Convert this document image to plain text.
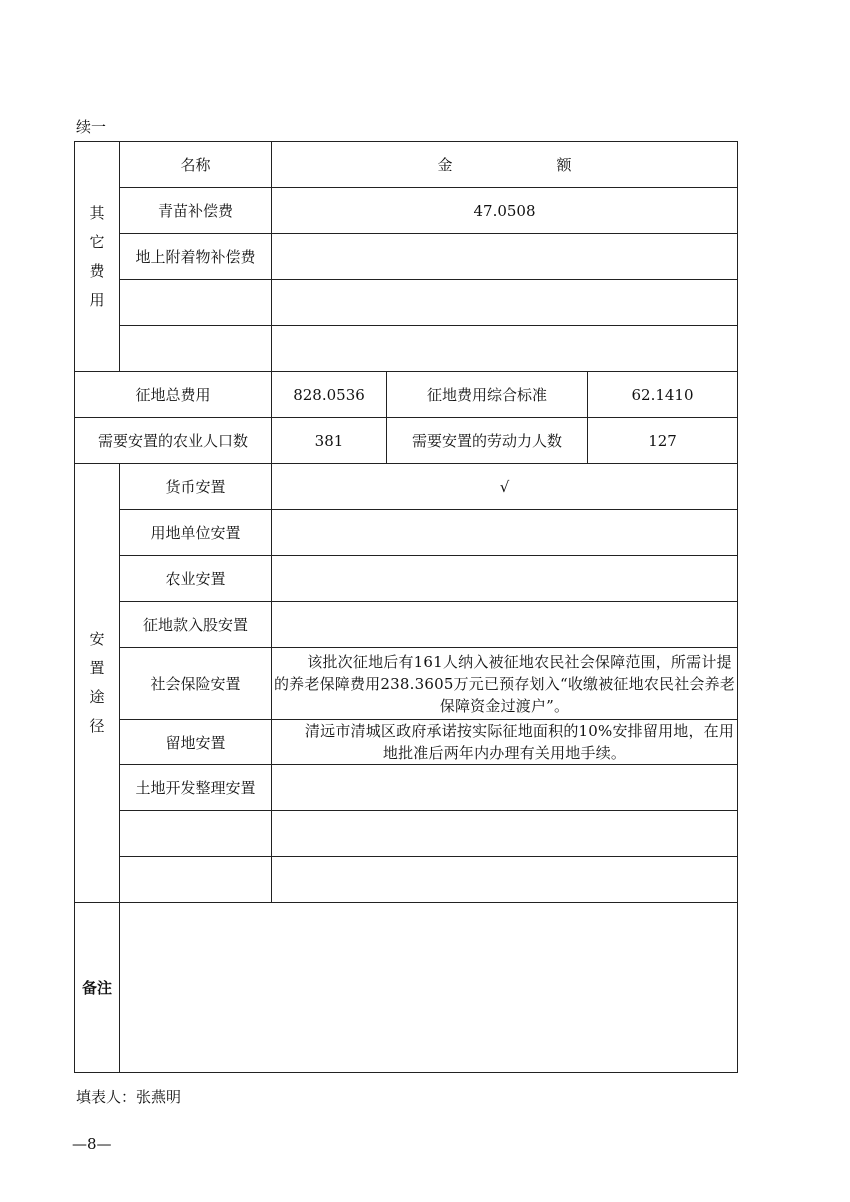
续一
其
它
费
用	名称	金 额		
	青苗补偿费	47.0508		
	地上附着物补偿费			

征地总费用		828.0536	征地费用综合标准	62.1410
需要安置的农业人口数		381	需要安置的劳动力人数	127

安
置
途
径	货币安置	√		
	用地单位安置			
	农业安置			
	征地款入股安置			
	社会保险安置	该批次征地后有161人纳入被征地农民社会保障范围，所需计提的养老保障费用238.3605万元已预存划入“收缴被征地农民社会养老保障资金过渡户”。		
	留地安置	清远市清城区政府承诺按实际征地面积的10%安排留用地，在用地批准后两年内办理有关用地手续。		
	土地开发整理安置			

备注				
填表人：张燕明
—8—
